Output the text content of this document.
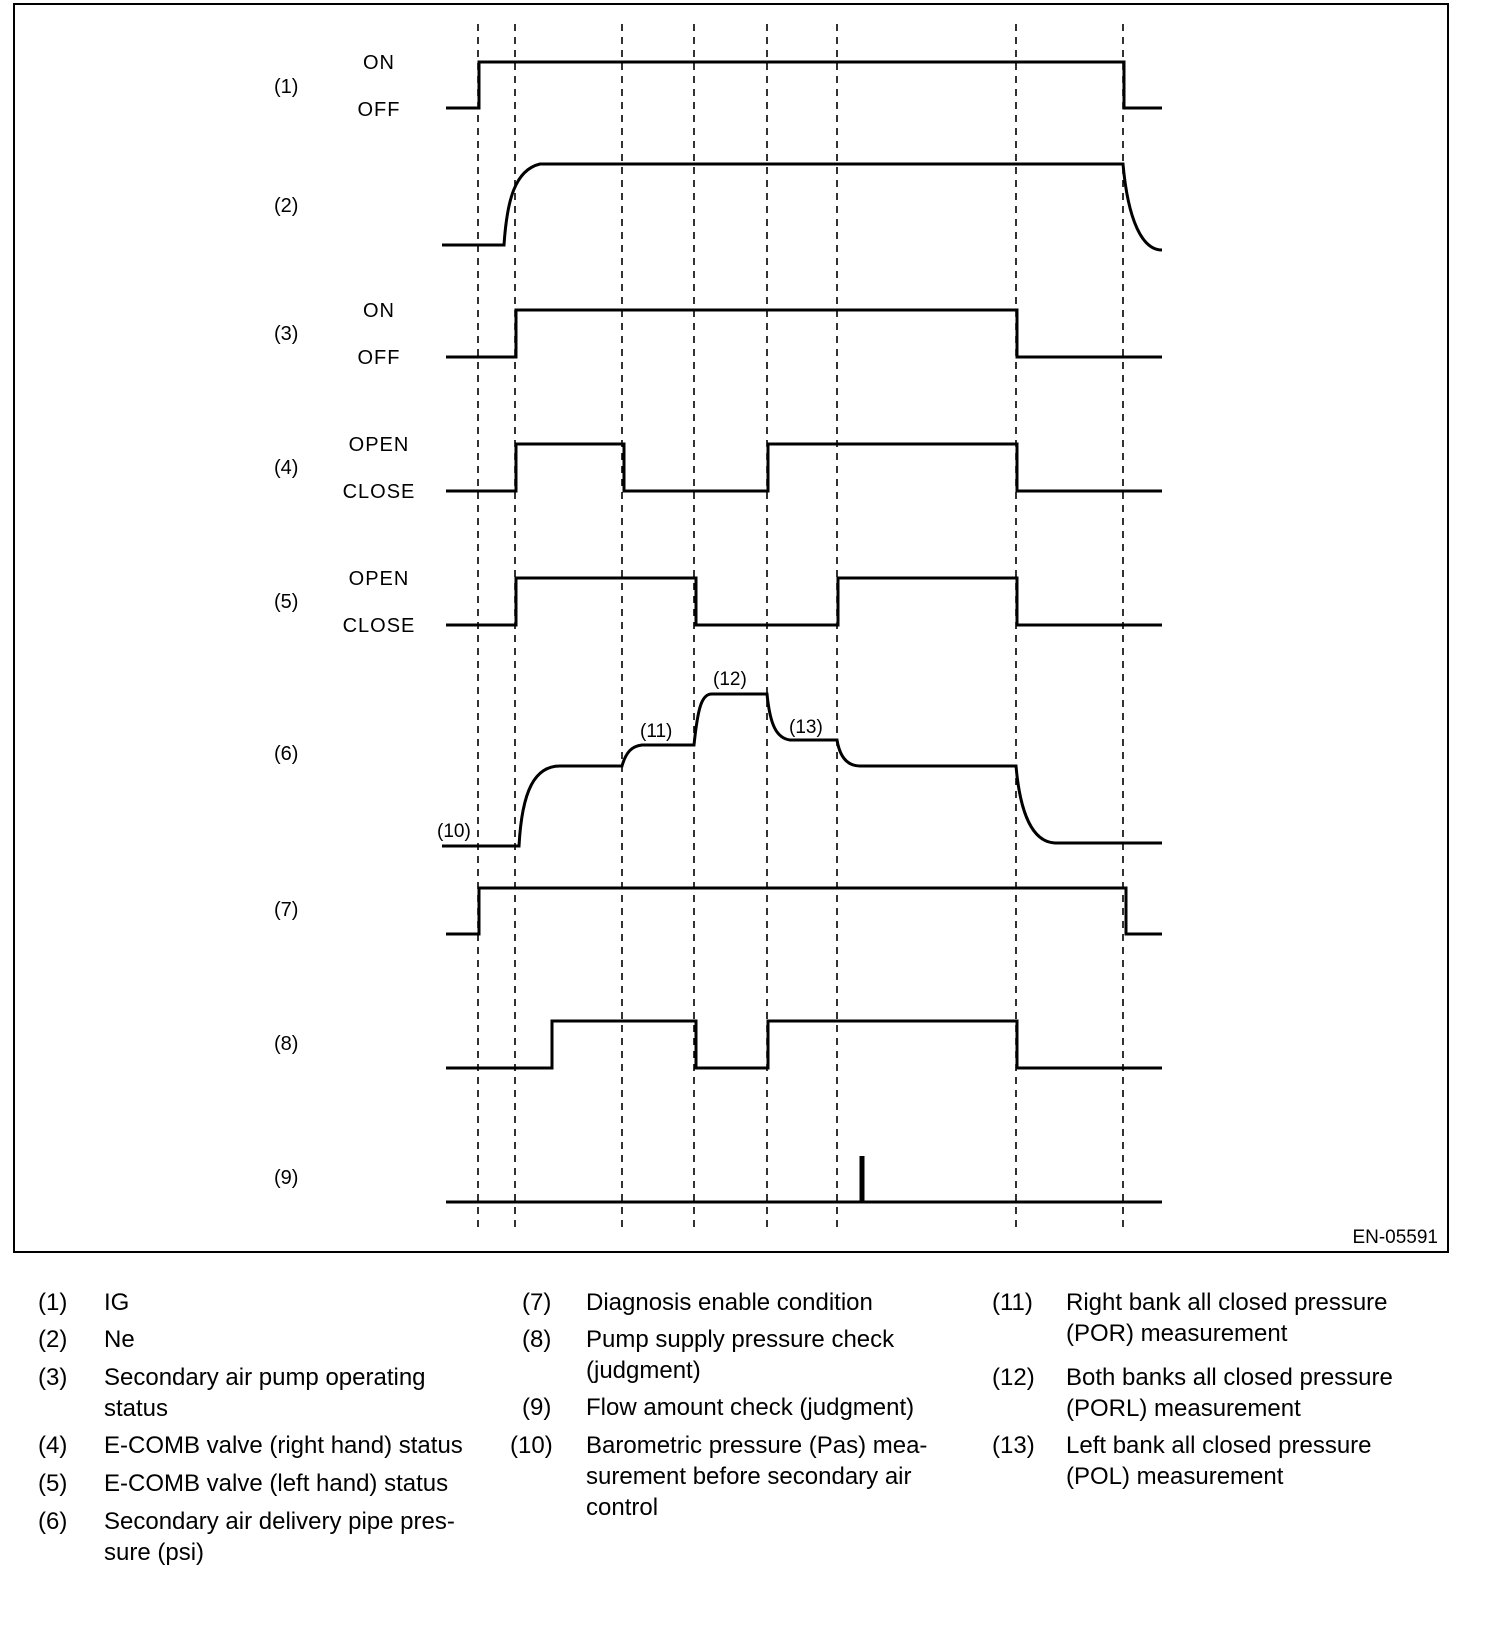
(1)
(2)
(3)
(4)
(5)
(6)
(7)
(8)
(9)
ON
OFF
ON
OFF
OPEN
CLOSE
OPEN
CLOSE
(10)
(11)
(12)
(13)
EN-05591
(1) IG
(2) Ne
(3) Secondary air pump operating
status
(4) E-COMB valve (right hand) status
(5) E-COMB valve (left hand) status
(6) Secondary air delivery pipe pres-
sure (psi)
(7) Diagnosis enable condition
(8) Pump supply pressure check
(judgment)
(9) Flow amount check (judgment)
(10) Barometric pressure (Pas) mea-
surement before secondary air
control
(11) Right bank all closed pressure
(POR) measurement
(12) Both banks all closed pressure
(PORL) measurement
(13) Left bank all closed pressure
(POL) measurement
